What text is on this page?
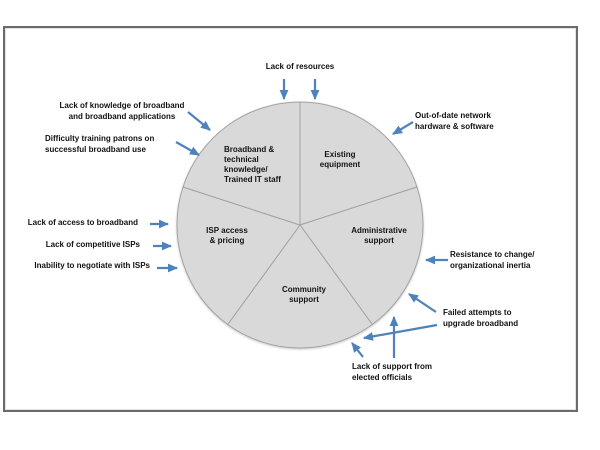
Existing
equipment
Administrative
support
Community
support
ISP access
& pricing
Broadband &
technical
knowledge/
Trained IT staff
Lack of resources
Lack of knowledge of broadband
and broadband applications
Difficulty training patrons on
successful broadband use
Out-of-date network
hardware & software
Lack of access to broadband
Lack of competitive ISPs
Inability to negotiate with ISPs
Resistance to change/
organizational inertia
Failed attempts to
upgrade broadband
Lack of support from
elected officials
